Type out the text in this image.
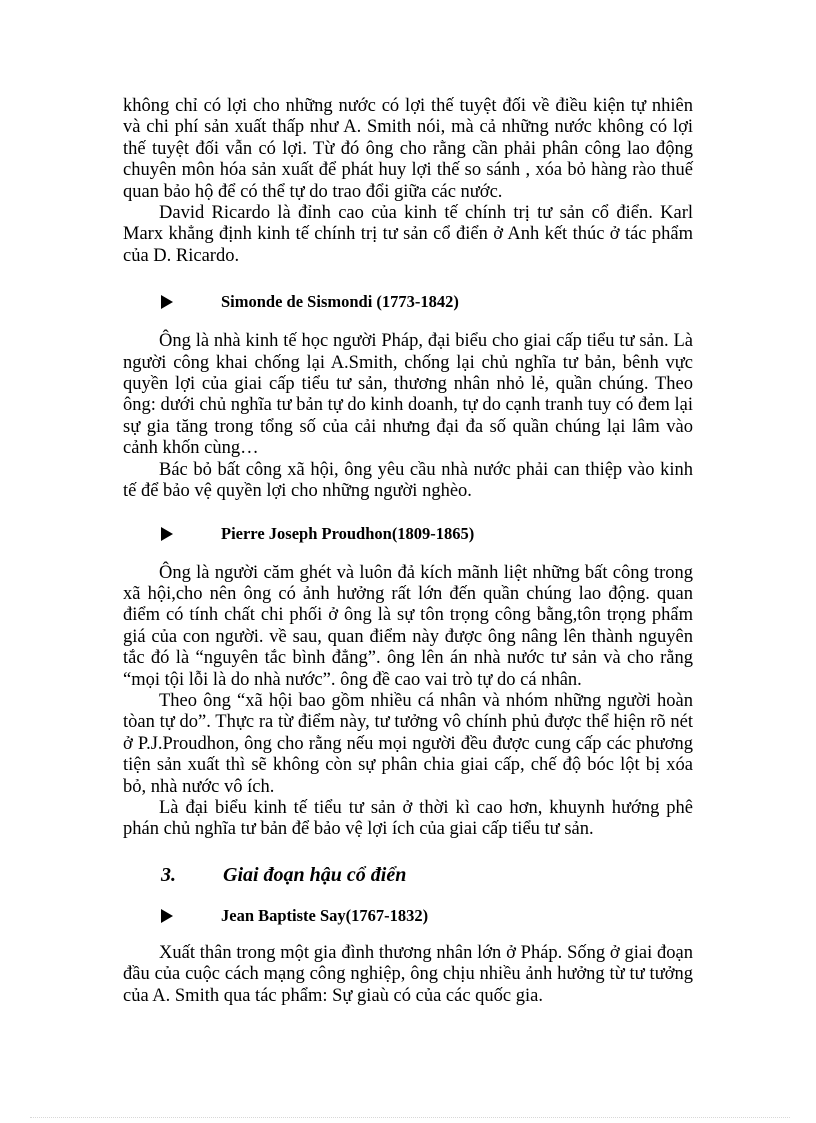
không chỉ có lợi cho những nước có lợi thế tuyệt đối về điều kiện tự nhiên và chi phí sản xuất thấp như A. Smith nói, mà cả những nước không có lợi thế tuyệt đối vẫn có lợi. Từ đó ông cho rằng cần phải phân công lao động chuyên môn hóa sản xuất để phát huy lợi thế so sánh , xóa bỏ hàng rào thuế quan bảo hộ để có thể tự do trao đổi giữa các nước.

David Ricardo là đỉnh cao của kinh tế chính trị tư sản cổ điển. Karl Marx khẳng định kinh tế chính trị tư sản cổ điển ở Anh kết thúc ở tác phẩm của D. Ricardo.

Simonde de Sismondi (1773-1842)

Ông là nhà kinh tế học người Pháp, đại biểu cho giai cấp tiểu tư sản. Là người công khai chống lại A.Smith, chống lại chủ nghĩa tư bản, bênh vực quyền lợi của giai cấp tiểu tư sản, thương nhân nhỏ lẻ, quần chúng. Theo ông: dưới chủ nghĩa tư bản tự do kinh doanh, tự do cạnh tranh tuy có đem lại sự gia tăng trong tổng số của cải nhưng đại đa số quần chúng lại lâm vào cảnh khốn cùng…

Bác bỏ bất công xã hội, ông yêu cầu nhà nước phải can thiệp vào kinh tế để bảo vệ quyền lợi cho những người nghèo.

Pierre Joseph Proudhon(1809-1865)

Ông là người căm ghét và luôn đả kích mãnh liệt những bất công trong xã hội,cho nên ông có ảnh hưởng rất lớn đến quần chúng lao động. quan điểm có tính chất chi phối ở ông là sự tôn trọng công bằng,tôn trọng phẩm giá của con người. về sau, quan điểm này được ông nâng lên thành nguyên tắc đó là “nguyên tắc bình đẳng”. ông lên án nhà nước tư sản và cho rằng “mọi tội lỗi là do nhà nước”. ông đề cao vai trò tự do cá nhân.

Theo ông “xã hội bao gồm nhiều cá nhân và nhóm những người hoàn tòan tự do”. Thực ra từ điểm này, tư tưởng vô chính phủ được thể hiện rõ nét ở P.J.Proudhon, ông cho rằng nếu mọi người đều được cung cấp các phương tiện sản xuất thì sẽ không còn sự phân chia giai cấp, chế độ bóc lột bị xóa bỏ, nhà nước vô ích.

Là đại biểu kinh tế tiểu tư sản ở thời kì cao hơn, khuynh hướng phê phán chủ nghĩa tư bản để bảo vệ lợi ích của giai cấp tiểu tư sản.

3.	Giai đoạn hậu cổ điển
Jean Baptiste Say(1767-1832)

Xuất thân trong một gia đình thương nhân lớn ở Pháp. Sống ở giai đoạn đầu của cuộc cách mạng công nghiệp, ông chịu nhiều ảnh hưởng từ tư tưởng của A. Smith qua tác phẩm: Sự giaù có của các quốc gia.
